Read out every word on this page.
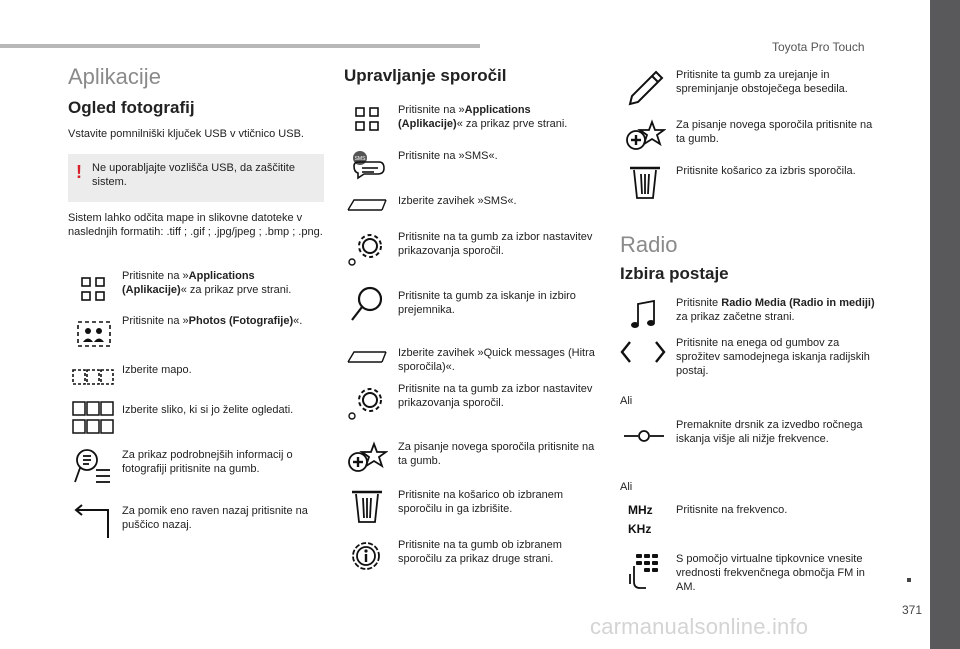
Toyota Pro Touch
371
carmanualsonline.info
Aplikacije
Ogled fotografij
Vstavite pomnilniški ključek USB v vtičnico USB.
! Ne uporabljajte vozlišča USB, da zaščitite sistem.
Sistem lahko odčita mape in slikovne datoteke v naslednjih formatih: .tiff ; .gif ; .jpg/jpeg ; .bmp ; .png.
Pritisnite na »Applications (Aplikacije)« za prikaz prve strani.
Pritisnite na »Photos (Fotografije)«.
Izberite mapo.
Izberite sliko, ki si jo želite ogledati.
Za prikaz podrobnejših informacij o fotografiji pritisnite na gumb.
Za pomik eno raven nazaj pritisnite na puščico nazaj.
Upravljanje sporočil
Pritisnite na »Applications (Aplikacije)« za prikaz prve strani.
SMS	Pritisnite na »SMS«.
Izberite zavihek »SMS«.
Pritisnite na ta gumb za izbor nastavitev prikazovanja sporočil.
Pritisnite ta gumb za iskanje in izbiro prejemnika.
Izberite zavihek »Quick messages (Hitra sporočila)«.
Pritisnite na ta gumb za izbor nastavitev prikazovanja sporočil.
Za pisanje novega sporočila pritisnite na ta gumb.
Pritisnite na košarico ob izbranem sporočilu in ga izbrišite.
Pritisnite na ta gumb ob izbranem sporočilu za prikaz druge strani.
Pritisnite ta gumb za urejanje in spreminjanje obstoječega besedila.
Za pisanje novega sporočila pritisnite na ta gumb.
Pritisnite košarico za izbris sporočila.
Radio
Izbira postaje
Pritisnite Radio Media (Radio in mediji) za prikaz začetne strani.
Pritisnite na enega od gumbov za sprožitev samodejnega iskanja radijskih postaj.
Ali
Premaknite drsnik za izvedbo ročnega iskanja višje ali nižje frekvence.
Ali
MHz
KHz
Pritisnite na frekvenco.
S pomočjo virtualne tipkovnice vnesite vrednosti frekvenčnega območja FM in AM.
